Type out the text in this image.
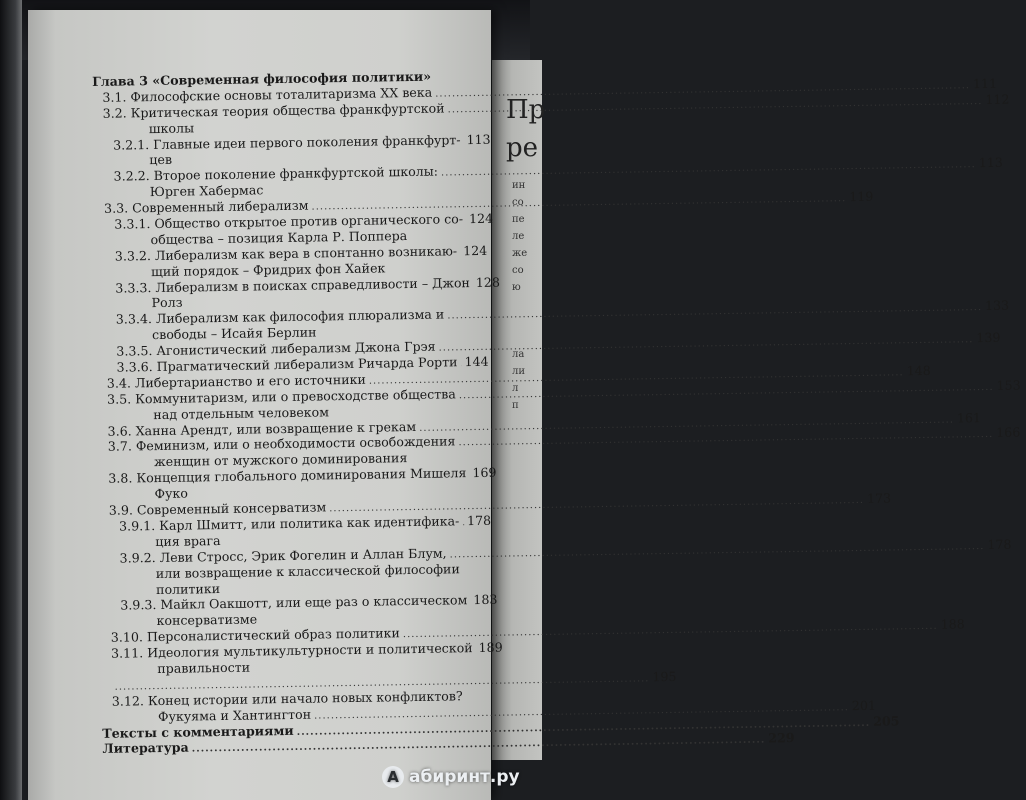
Пр
ре
ин
со
пе
ле
же
со
ю
ла
ли
л
п
Глава 3 «Современная философия политики»
3.1. Философские основы тоталитаризма XX века
.....
111
3.2. Критическая теория общества франкфуртской
.....
112
школы
3.2.1. Главные идеи первого поколения франкфурт- ..... 113
цев
3.2.2. Второе поколение франкфуртской школы:
.....
113
Юрген Хабермас
3.3. Современный либерализм
.....
119
3.3.1. Общество открытое против органического со- ..... 124
общества – позиция Карла Р. Поппера
3.3.2. Либерализм как вера в спонтанно возникаю- ..... 124
щий порядок – Фридрих фон Хайек
3.3.3. Либерализм в поисках справедливости – Джон ..... 128
Ролз
3.3.4. Либерализм как философия плюрализма и
.....
133
свободы – Исайя Берлин
3.3.5. Агонистический либерализм Джона Грэя
.....
139
3.3.6. Прагматический либерализм Ричарда Рорти ..... 144
3.4. Либертарианство и его источники
.....
148
3.5. Коммунитаризм, или о превосходстве общества
.....
153
над отдельным человеком
3.6. Ханна Арендт, или возвращение к грекам
.....
161
3.7. Феминизм, или о необходимости освобождения
.....
166
женщин от мужского доминирования
3.8. Концепция глобального доминирования Мишеля ..... 169
Фуко
3.9. Современный консерватизм
.....
173
3.9.1. Карл Шмитт, или политика как идентифика- ..... 178
ция врага
3.9.2. Леви Стросс, Эрик Фогелин и Аллан Блум,
.....
178
или возвращение к классической философии
политики
3.9.3. Майкл Оакшотт, или еще раз о классическом ..... 183
консерватизме
3.10. Персоналистический образ политики
.....
188
3.11. Идеология мультикультурности и политической ..... 189
правильности
.....
195
3.12. Конец истории или начало новых конфликтов?
Фукуяма и Хантингтон
.....
201
Тексты с комментариями
.....
205
Литература
.....
229
А абиринт.ру
